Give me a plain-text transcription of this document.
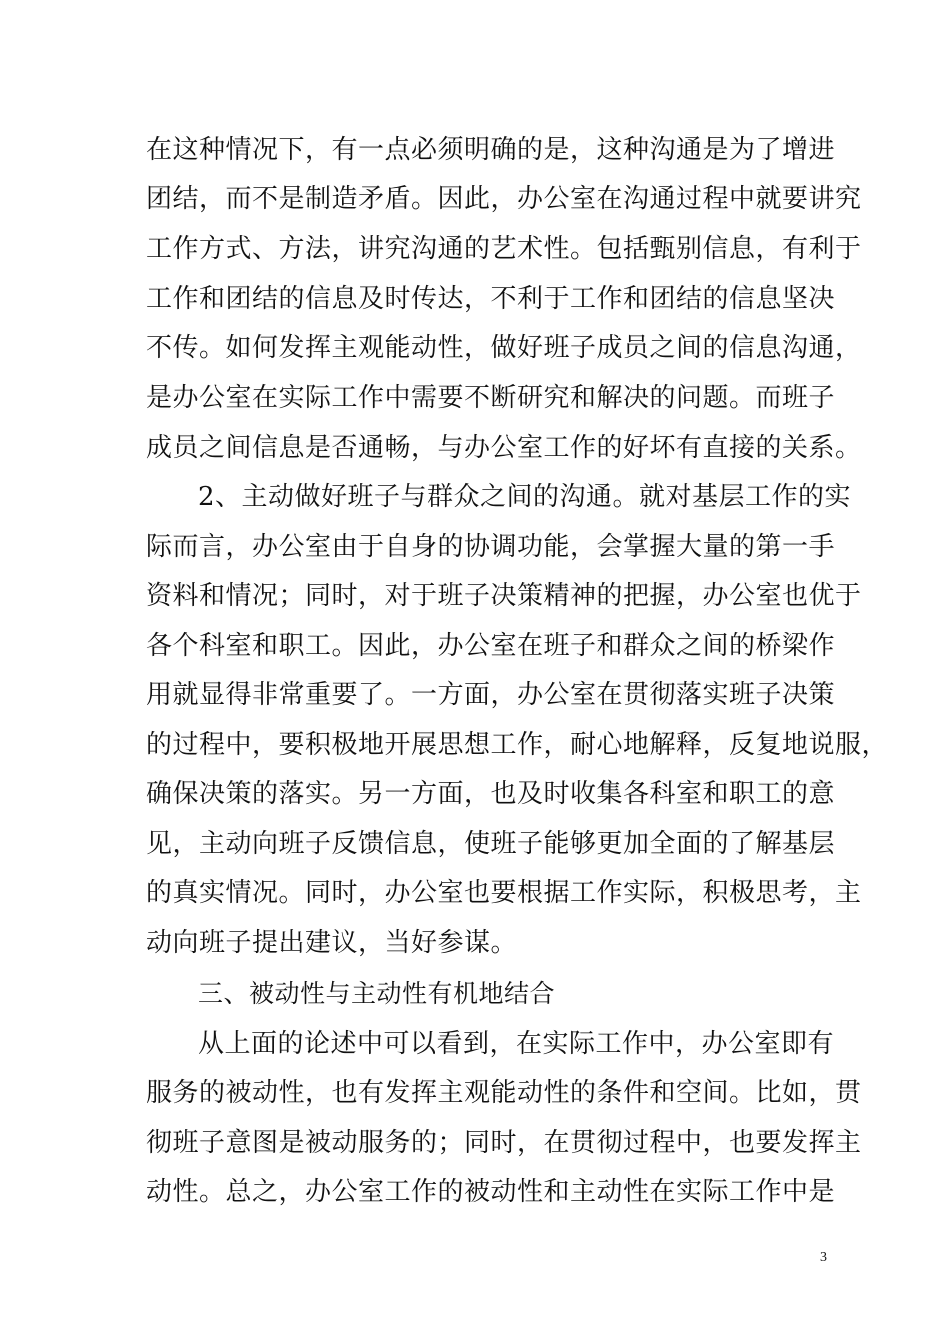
在这种情况下，有一点必须明确的是，这种沟通是为了增进
团结，而不是制造矛盾。因此，办公室在沟通过程中就要讲究
工作方式、方法，讲究沟通的艺术性。包括甄别信息，有利于
工作和团结的信息及时传达，不利于工作和团结的信息坚决
不传。如何发挥主观能动性，做好班子成员之间的信息沟通，
是办公室在实际工作中需要不断研究和解决的问题。而班子
成员之间信息是否通畅，与办公室工作的好坏有直接的关系。
2、主动做好班子与群众之间的沟通。就对基层工作的实
际而言，办公室由于自身的协调功能，会掌握大量的第一手
资料和情况；同时，对于班子决策精神的把握，办公室也优于
各个科室和职工。因此，办公室在班子和群众之间的桥梁作
用就显得非常重要了。一方面，办公室在贯彻落实班子决策
的过程中，要积极地开展思想工作，耐心地解释，反复地说服，
确保决策的落实。另一方面，也及时收集各科室和职工的意
见，主动向班子反馈信息，使班子能够更加全面的了解基层
的真实情况。同时，办公室也要根据工作实际，积极思考，主
动向班子提出建议，当好参谋。
三、被动性与主动性有机地结合
从上面的论述中可以看到，在实际工作中，办公室即有
服务的被动性，也有发挥主观能动性的条件和空间。比如，贯
彻班子意图是被动服务的；同时，在贯彻过程中，也要发挥主
动性。总之，办公室工作的被动性和主动性在实际工作中是
3
